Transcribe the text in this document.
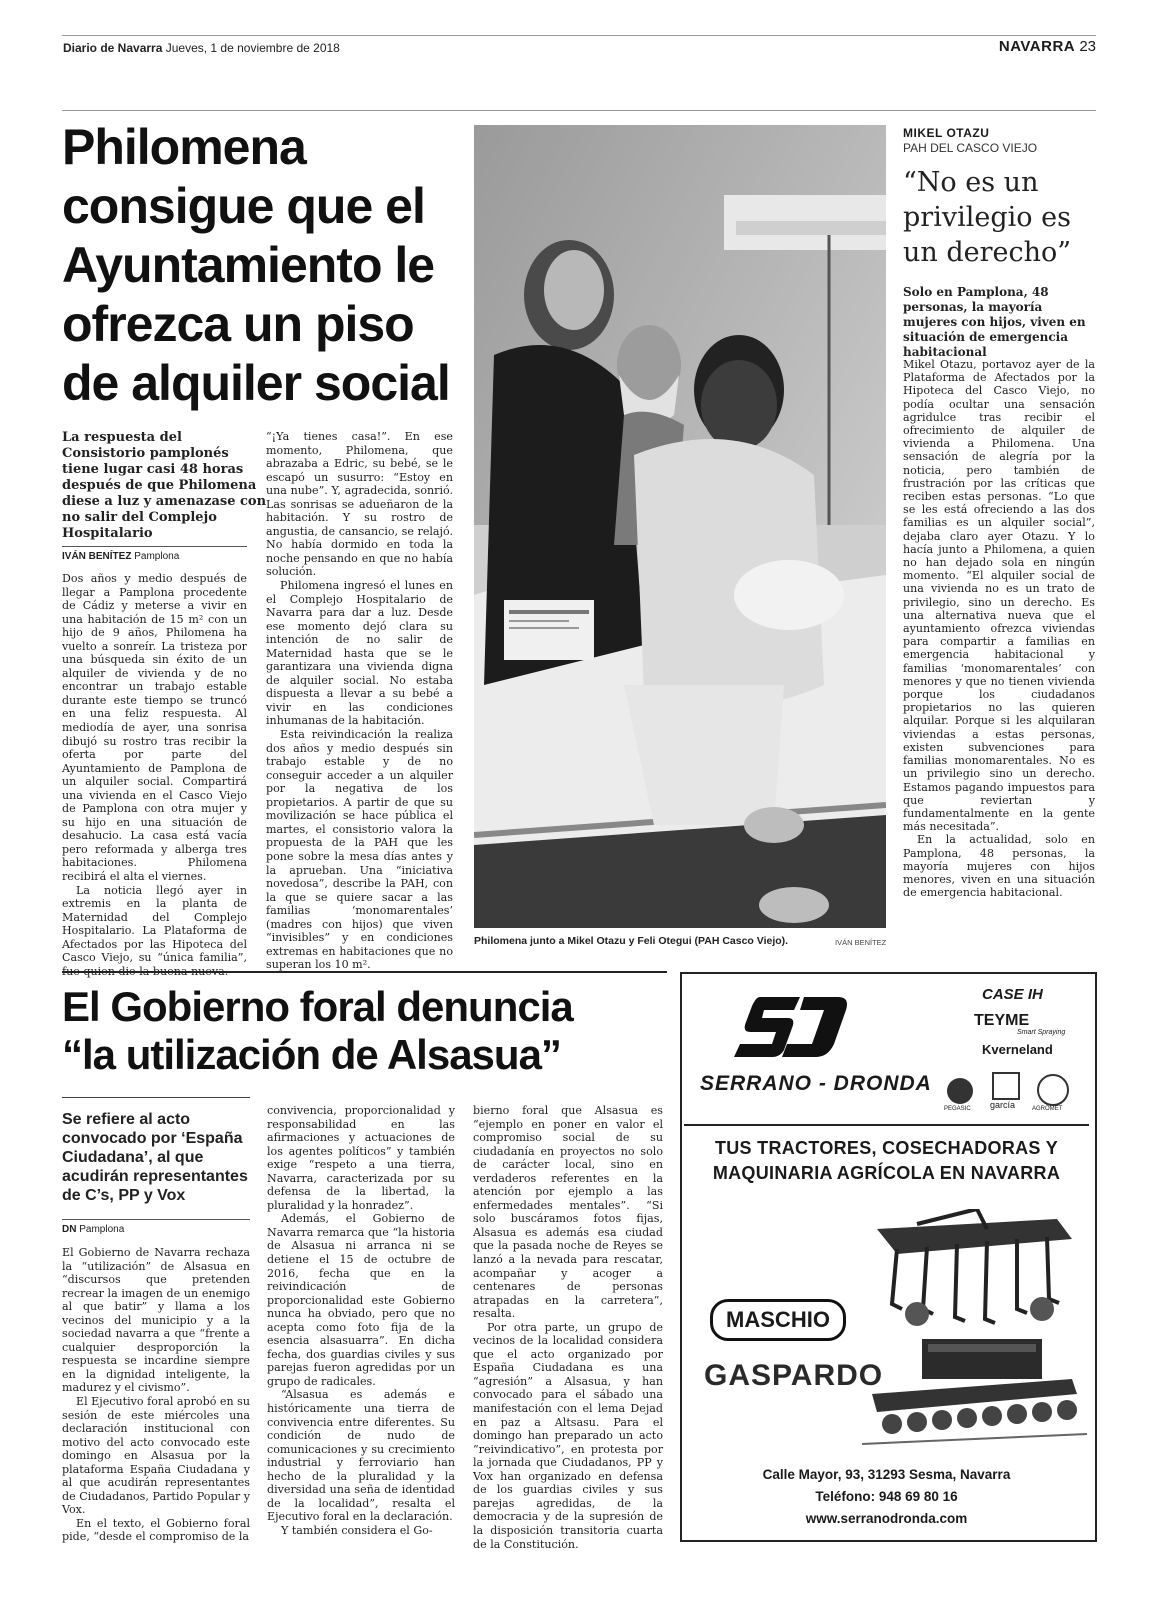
Diario de Navarra Jueves, 1 de noviembre de 2018	NAVARRA 23
Philomena consigue que el Ayuntamiento le ofrezca un piso de alquiler social
La respuesta del Consistorio pamplonés tiene lugar casi 48 horas después de que Philomena diese a luz y amenazase con no salir del Complejo Hospitalario
IVÁN BENÍTEZ Pamplona

Dos años y medio después de llegar a Pamplona procedente de Cádiz y meterse a vivir en una habitación de 15 m² con un hijo de 9 años, Philomena ha vuelto a sonreír. La tristeza por una búsqueda sin éxito de un alquiler de vivienda y de no encontrar un trabajo estable durante este tiempo se truncó en una feliz respuesta. Al mediodía de ayer, una sonrisa dibujó su rostro tras recibir la oferta por parte del Ayuntamiento de Pamplona de un alquiler social. Compartirá una vivienda en el Casco Viejo de Pamplona con otra mujer y su hijo en una situación de desahucio. La casa está vacía pero reformada y alberga tres habitaciones. Philomena recibirá el alta el viernes.

La noticia llegó ayer in extremis en la planta de Maternidad del Complejo Hospitalario. La Plataforma de Afectados por las Hipoteca del Casco Viejo, su “única familia”,

“¡Ya tienes casa!”. En ese momento, Philomena, que abrazaba a Edric, su bebé, se le escapó un susurro: “Estoy en una nube”. Y, agradecida, sonrió. Las sonrisas se adueñaron de la habitación. Y su rostro de angustia, de cansancio, se relajó. No había dormido en toda la noche pensando en que no había solución.

Philomena ingresó el lunes en el Complejo Hospitalario de Navarra para dar a luz. Desde ese momento dejó clara su intención de no salir de Maternidad hasta que se le garantizara una vivienda digna de alquiler social. No estaba dispuesta a llevar a su bebé a vivir en las condiciones inhumanas de la habitación.

Esta reivindicación la realiza dos años y medio después sin trabajo estable y de no conseguir acceder a un alquiler por la negativa de los propietarios. A partir de que su movilización se hace pública el martes, el consistorio valora la propuesta de la PAH que les pone sobre la mesa días antes y la aprueban. Una “iniciativa novedosa”, describe la PAH, con la que se quiere sacar a las familias ‘monomarentales’ (madres con hijos) que viven “invisibles” y en condiciones extremas en habitaciones que no superan los 10 m².

Philomena junto a Mikel Otazu y Feli Otegui (PAH Casco Viejo).	IVÁN BENÍTEZ
MIKEL OTAZU
PAH DEL CASCO VIEJO
“No es un privilegio es un derecho”
Solo en Pamplona, 48 personas, la mayoría mujeres con hijos, viven en situación de emergencia habitacional

Mikel Otazu, portavoz ayer de la Plataforma de Afectados por la Hipoteca del Casco Viejo, no podía ocultar una sensación agridulce tras recibir el ofrecimiento de alquiler de vivienda a Philomena. Una sensación de alegría por la noticia, pero también de frustración por las críticas que reciben estas personas. “Lo que se les está ofreciendo a las dos familias es un alquiler social”, dejaba claro ayer Otazu. Y lo hacía junto a Philomena, a quien no han dejado sola en ningún momento. “El alquiler social de una vivienda no es un trato de privilegio, sino un derecho. Es una alternativa nueva que el ayuntamiento ofrezca viviendas para compartir a familias en emergencia habitacional y familias ‘monomarentales’ con menores y que no tienen vivienda porque los ciudadanos propietarios no las quieren alquilar. Porque si les alquilaran viviendas a estas personas, existen subvenciones para familias monomarentales. No es un privilegio sino un derecho. Estamos pagando impuestos para que reviertan y fundamentalmente en la gente más necesitada”.

En la actualidad, solo en Pamplona, 48 personas, la mayoría mujeres con hijos menores, viven en una situación de emergencia habitacional.

El Gobierno foral denuncia
“la utilización de Alsasua”
Se refiere al acto convocado por ‘España Ciudadana’, al que acudirán representantes de C’s, PP y Vox
DN Pamplona

El Gobierno de Navarra rechaza la “utilización” de Alsasua en “discursos que pretenden recrear la imagen de un enemigo al que batir” y llama a los vecinos del municipio y a la sociedad navarra a que “frente a cualquier desproporción la respuesta se incardine siempre en la dignidad inteligente, la madurez y el civismo”.

El Ejecutivo foral aprobó en su sesión de este miércoles una declaración institucional con motivo del acto convocado este domingo en Alsasua por la plataforma España Ciudadana y al que acudirán representantes de Ciudadanos, Partido Popular y Vox.

En el texto, el Gobierno foral pide, “desde el compromiso de la

convivencia, proporcionalidad y responsabilidad en las afirmaciones y actuaciones de los agentes políticos” y también exige “respeto a una tierra, Navarra, caracterizada por su defensa de la libertad, la pluralidad y la honradez”.

Además, el Gobierno de Navarra remarca que “la historia de Alsasua ni arranca ni se detiene el 15 de octubre de 2016, fecha que en la reivindicación de proporcionalidad este Gobierno nunca ha obviado, pero que no acepta como foto fija de la esencia alsasuarra”. En dicha fecha, dos guardias civiles y sus parejas fueron agredidas por un grupo de radicales.

“Alsasua es además e históricamente una tierra de convivencia entre diferentes. Su condición de nudo de comunicaciones y su crecimiento industrial y ferroviario han hecho de la pluralidad y la diversidad una seña de identidad de la localidad”, resalta el Ejecutivo foral en la declaración.

Y también considera el Go-

bierno foral que Alsasua es “ejemplo en poner en valor el compromiso social de su ciudadanía en proyectos no solo de carácter local, sino en verdaderos referentes en la atención por ejemplo a las enfermedades mentales”. “Si solo buscáramos fotos fijas, Alsasua es además esa ciudad que la pasada noche de Reyes se lanzó a la nevada para rescatar, acompañar y acoger a centenares de personas atrapadas en la carretera”, resalta.

Por otra parte, un grupo de vecinos de la localidad considera que el acto organizado por España Ciudadana es una “agresión” a Alsasua, y han convocado para el sábado una manifestación con el lema Dejad en paz a Altsasu. Para el domingo han preparado un acto “reivindicativo”, en protesta por la jornada que Ciudadanos, PP y Vox han organizado en defensa de los guardias civiles y sus parejas agredidas, de la democracia y de la supresión de la disposición transitoria cuarta de la Constitución.

SERRANO - DRONDA
CASE IH
TEYME
Smart Spraying
Kverneland
PEGASIC garcía	AGROMET
TUS TRACTORES, COSECHADORAS Y
MAQUINARIA AGRÍCOLA EN NAVARRA
MASCHIO
GASPARDO
Calle Mayor, 93, 31293 Sesma, Navarra
Teléfono: 948 69 80 16
www.serranodronda.com
